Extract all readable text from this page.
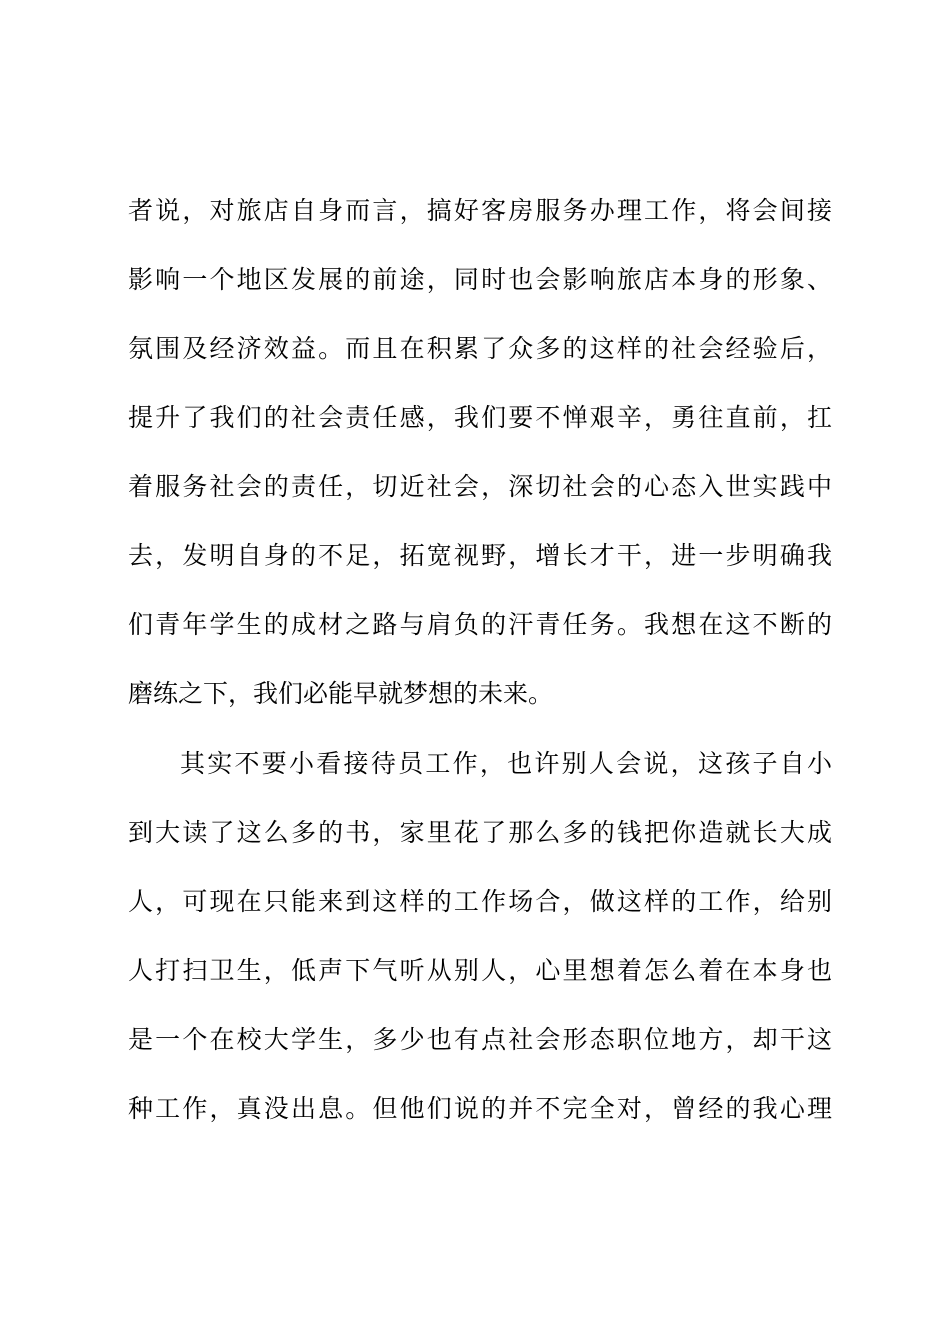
者说，对旅店自身而言，搞好客房服务办理工作，将会间接
影响一个地区发展的前途，同时也会影响旅店本身的形象、
氛围及经济效益。而且在积累了众多的这样的社会经验后，
提升了我们的社会责任感，我们要不惮艰辛，勇往直前，扛
着服务社会的责任，切近社会，深切社会的心态入世实践中
去，发明自身的不足，拓宽视野，增长才干，进一步明确我
们青年学生的成材之路与肩负的汗青任务。我想在这不断的
磨练之下，我们必能早就梦想的未来。
其实不要小看接待员工作，也许别人会说，这孩子自小
到大读了这么多的书，家里花了那么多的钱把你造就长大成
人，可现在只能来到这样的工作场合，做这样的工作，给别
人打扫卫生，低声下气听从别人，心里想着怎么着在本身也
是一个在校大学生，多少也有点社会形态职位地方，却干这
种工作，真没出息。但他们说的并不完全对，曾经的我心理
